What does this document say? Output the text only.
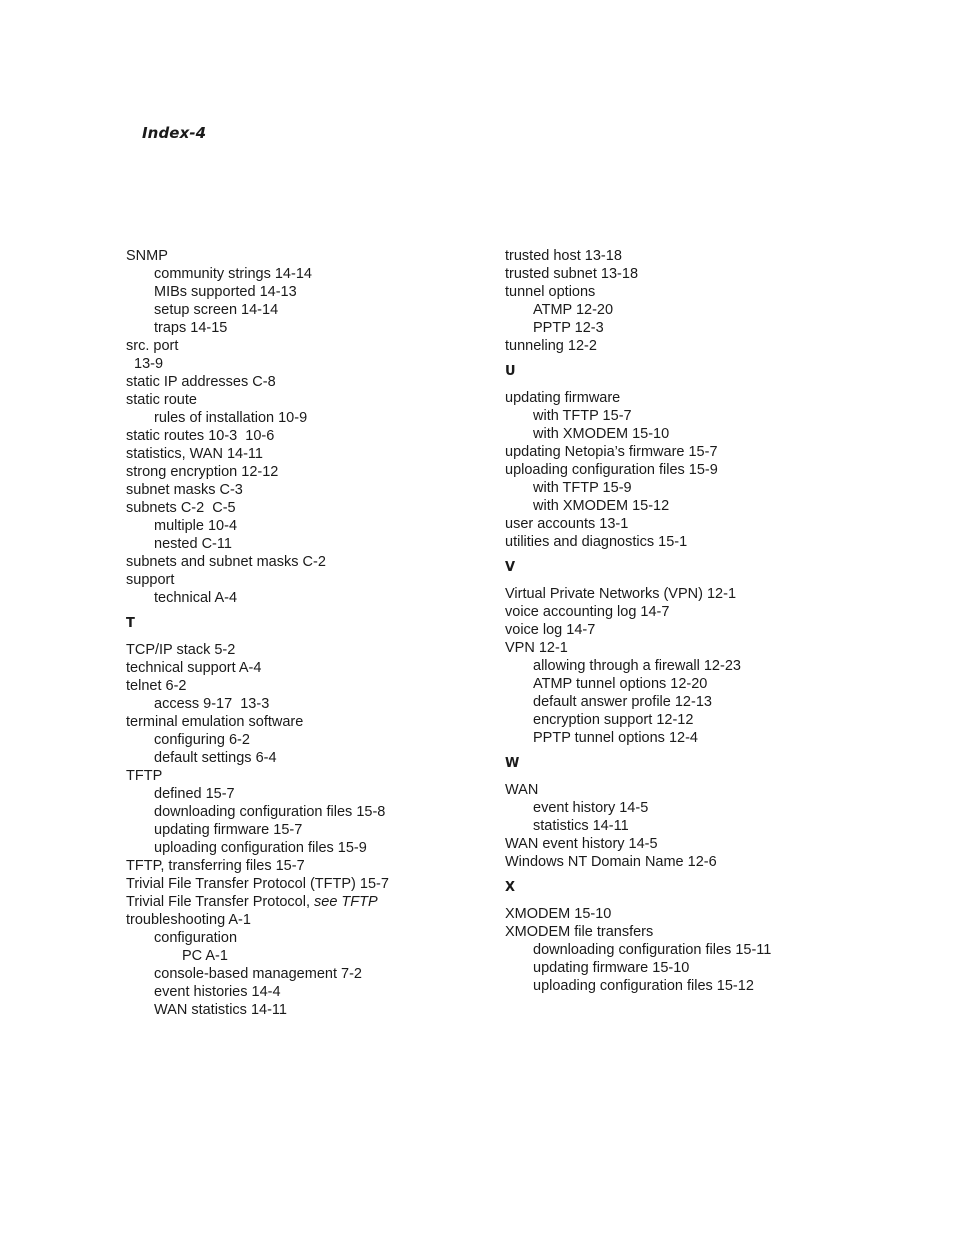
Index-4
SNMP
community strings 14-14
MIBs supported 14-13
setup screen 14-14
traps 14-15
src. port
13-9
static IP addresses C-8
static route
rules of installation 10-9
static routes 10-3  10-6
statistics, WAN 14-11
strong encryption 12-12
subnet masks C-3
subnets C-2  C-5
multiple 10-4
nested C-11
subnets and subnet masks C-2
support
technical A-4
T
TCP/IP stack 5-2
technical support A-4
telnet 6-2
access 9-17  13-3
terminal emulation software
configuring 6-2
default settings 6-4
TFTP
defined 15-7
downloading configuration files 15-8
updating firmware 15-7
uploading configuration files 15-9
TFTP, transferring files 15-7
Trivial File Transfer Protocol (TFTP) 15-7
Trivial File Transfer Protocol, see TFTP
troubleshooting A-1
configuration
PC A-1
console-based management 7-2
event histories 14-4
WAN statistics 14-11
trusted host 13-18
trusted subnet 13-18
tunnel options
ATMP 12-20
PPTP 12-3
tunneling 12-2
U
updating firmware
with TFTP 15-7
with XMODEM 15-10
updating Netopia’s firmware 15-7
uploading configuration files 15-9
with TFTP 15-9
with XMODEM 15-12
user accounts 13-1
utilities and diagnostics 15-1
V
Virtual Private Networks (VPN) 12-1
voice accounting log 14-7
voice log 14-7
VPN 12-1
allowing through a firewall 12-23
ATMP tunnel options 12-20
default answer profile 12-13
encryption support 12-12
PPTP tunnel options 12-4
W
WAN
event history 14-5
statistics 14-11
WAN event history 14-5
Windows NT Domain Name 12-6
X
XMODEM 15-10
XMODEM file transfers
downloading configuration files 15-11
updating firmware 15-10
uploading configuration files 15-12
